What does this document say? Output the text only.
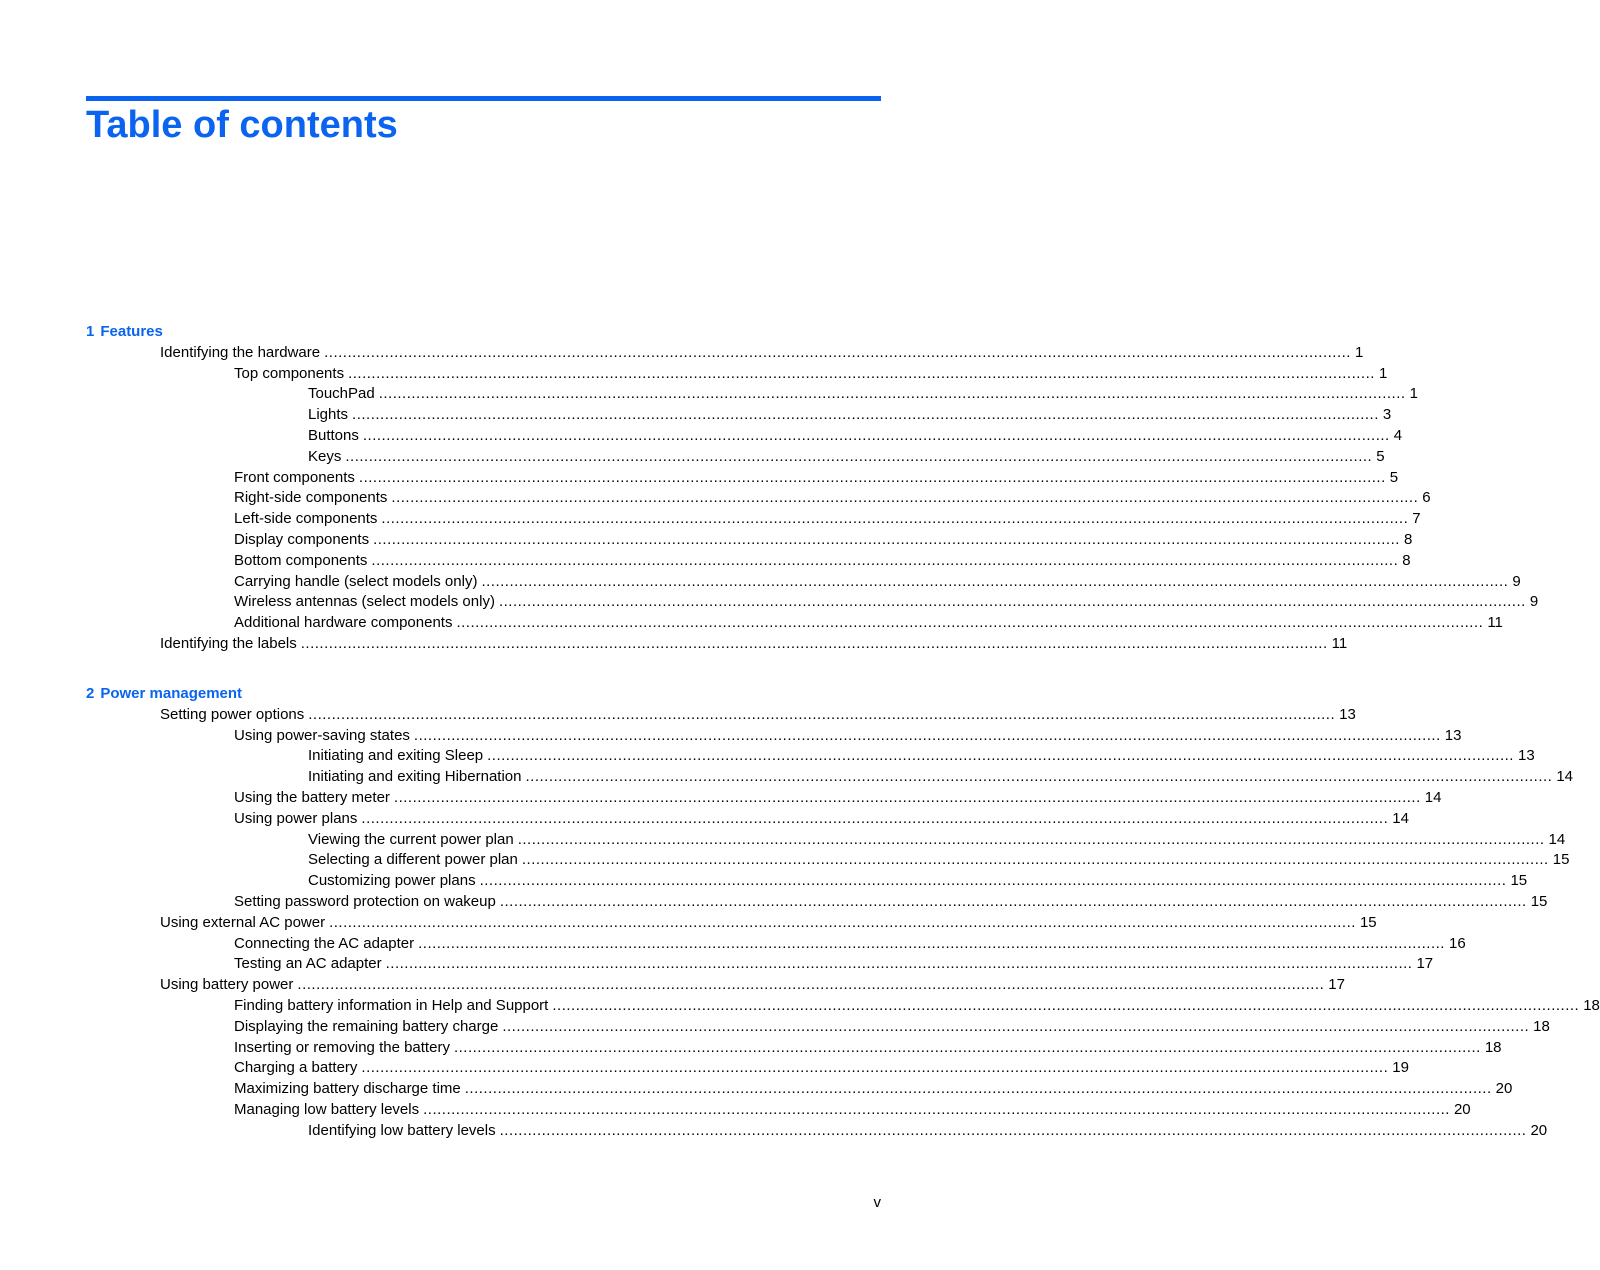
Table of contents
1 Features
Identifying the hardware ............................................................................................................................................................................................................................ 1
Top components ............................................................................................................................................................................................................................ 1
TouchPad ............................................................................................................................................................................................................................ 1
Lights ............................................................................................................................................................................................................................ 3
Buttons ............................................................................................................................................................................................................................ 4
Keys ............................................................................................................................................................................................................................ 5
Front components ............................................................................................................................................................................................................................ 5
Right-side components ............................................................................................................................................................................................................................ 6
Left-side components ............................................................................................................................................................................................................................ 7
Display components ............................................................................................................................................................................................................................ 8
Bottom components ............................................................................................................................................................................................................................ 8
Carrying handle (select models only) ............................................................................................................................................................................................................................ 9
Wireless antennas (select models only) ............................................................................................................................................................................................................................ 9
Additional hardware components ............................................................................................................................................................................................................................ 11
Identifying the labels ............................................................................................................................................................................................................................ 11
2 Power management
Setting power options ............................................................................................................................................................................................................................ 13
Using power-saving states ............................................................................................................................................................................................................................ 13
Initiating and exiting Sleep ............................................................................................................................................................................................................................ 13
Initiating and exiting Hibernation ............................................................................................................................................................................................................................ 14
Using the battery meter ............................................................................................................................................................................................................................ 14
Using power plans ............................................................................................................................................................................................................................ 14
Viewing the current power plan ............................................................................................................................................................................................................................ 14
Selecting a different power plan ............................................................................................................................................................................................................................ 15
Customizing power plans ............................................................................................................................................................................................................................ 15
Setting password protection on wakeup ............................................................................................................................................................................................................................ 15
Using external AC power ............................................................................................................................................................................................................................ 15
Connecting the AC adapter ............................................................................................................................................................................................................................ 16
Testing an AC adapter ............................................................................................................................................................................................................................ 17
Using battery power ............................................................................................................................................................................................................................ 17
Finding battery information in Help and Support ............................................................................................................................................................................................................................ 18
Displaying the remaining battery charge ............................................................................................................................................................................................................................ 18
Inserting or removing the battery ............................................................................................................................................................................................................................ 18
Charging a battery ............................................................................................................................................................................................................................ 19
Maximizing battery discharge time ............................................................................................................................................................................................................................ 20
Managing low battery levels ............................................................................................................................................................................................................................ 20
Identifying low battery levels ............................................................................................................................................................................................................................ 20
v
